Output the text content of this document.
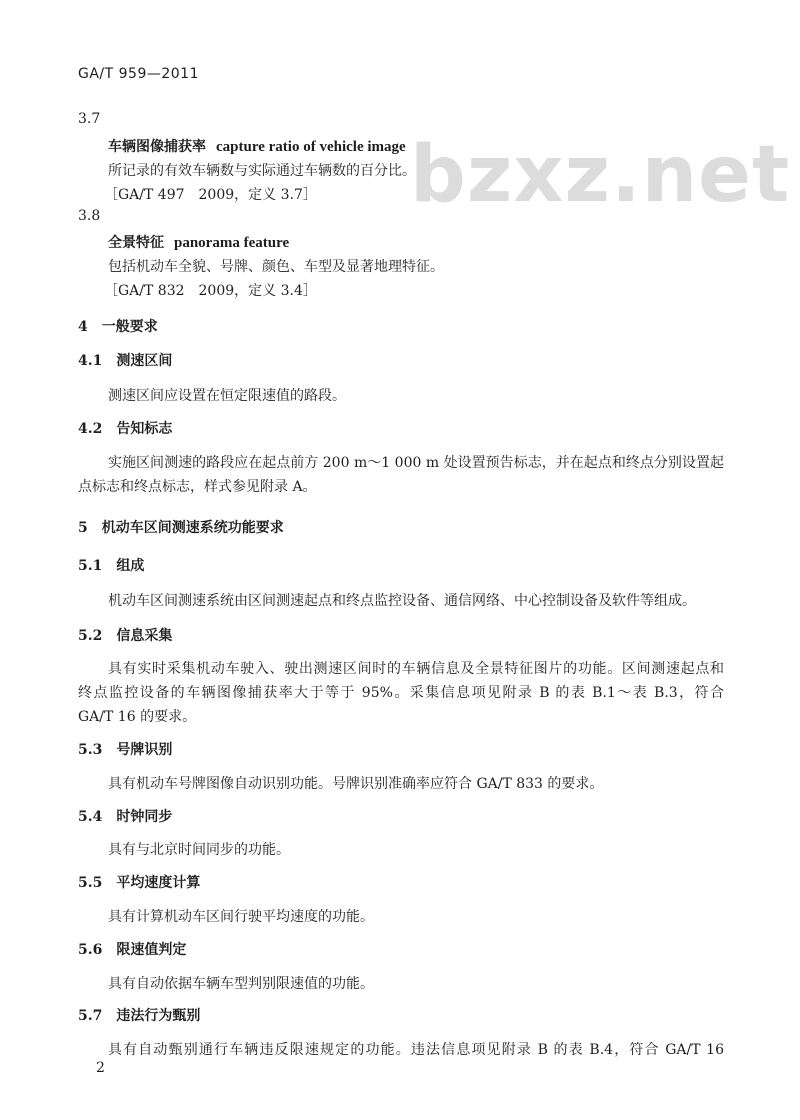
bzxz.net
GA/T 959—2011
3.7
车辆图像捕获率 capture ratio of vehicle image
所记录的有效车辆数与实际通过车辆数的百分比。
［GA/T 497　2009，定义 3.7］
3.8
全景特征 panorama feature
包括机动车全貌、号牌、颜色、车型及显著地理特征。
［GA/T 832　2009，定义 3.4］
4　一般要求
4.1　测速区间
测速区间应设置在恒定限速值的路段。
4.2　告知标志
实施区间测速的路段应在起点前方 200 m～1 000 m 处设置预告标志，并在起点和终点分别设置起
点标志和终点标志，样式参见附录 A。
5　机动车区间测速系统功能要求
5.1　组成
机动车区间测速系统由区间测速起点和终点监控设备、通信网络、中心控制设备及软件等组成。
5.2　信息采集
具有实时采集机动车驶入、驶出测速区间时的车辆信息及全景特征图片的功能。区间测速起点和
终点监控设备的车辆图像捕获率大于等于 95%。采集信息项见附录 B 的表 B.1～表 B.3，符合
GA/T 16 的要求。
5.3　号牌识别
具有机动车号牌图像自动识别功能。号牌识别准确率应符合 GA/T 833 的要求。
5.4　时钟同步
具有与北京时间同步的功能。
5.5　平均速度计算
具有计算机动车区间行驶平均速度的功能。
5.6　限速值判定
具有自动依据车辆车型判别限速值的功能。
5.7　违法行为甄别
具有自动甄别通行车辆违反限速规定的功能。违法信息项见附录 B 的表 B.4，符合 GA/T 16
2
